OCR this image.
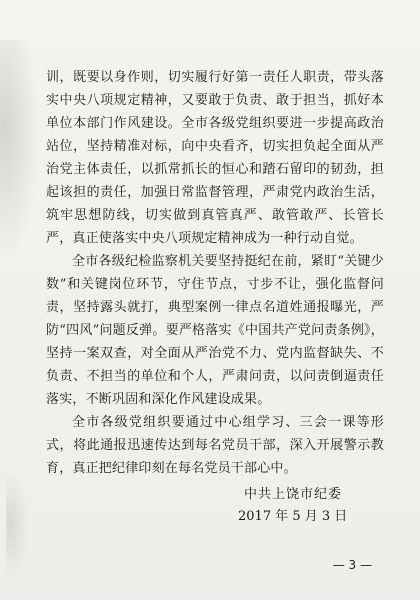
训，既要以身作则，切实履行好第一责任人职责，带头落实中央八项规定精神，又要敢于负责、敢于担当，抓好本单位本部门作风建设。全市各级党组织要进一步提高政治站位，坚持精准对标，向中央看齐，切实担负起全面从严治党主体责任，以抓常抓长的恒心和踏石留印的韧劲，担起该担的责任，加强日常监督管理，严肃党内政治生活，筑牢思想防线，切实做到真管真严、敢管敢严、长管长严，真正使落实中央八项规定精神成为一种行动自觉。

全市各级纪检监察机关要坚持挺纪在前，紧盯“关键少数”和关键岗位环节，守住节点，寸步不让，强化监督问责，坚持露头就打，典型案例一律点名道姓通报曝光，严防“四风”问题反弹。要严格落实《中国共产党问责条例》，坚持一案双查，对全面从严治党不力、党内监督缺失、不负责、不担当的单位和个人，严肃问责，以问责倒逼责任落实，不断巩固和深化作风建设成果。

全市各级党组织要通过中心组学习、三会一课等形式，将此通报迅速传达到每名党员干部，深入开展警示教育，真正把纪律印刻在每名党员干部心中。

中共上饶市纪委
2017 年 5 月 3 日
— 3 —
